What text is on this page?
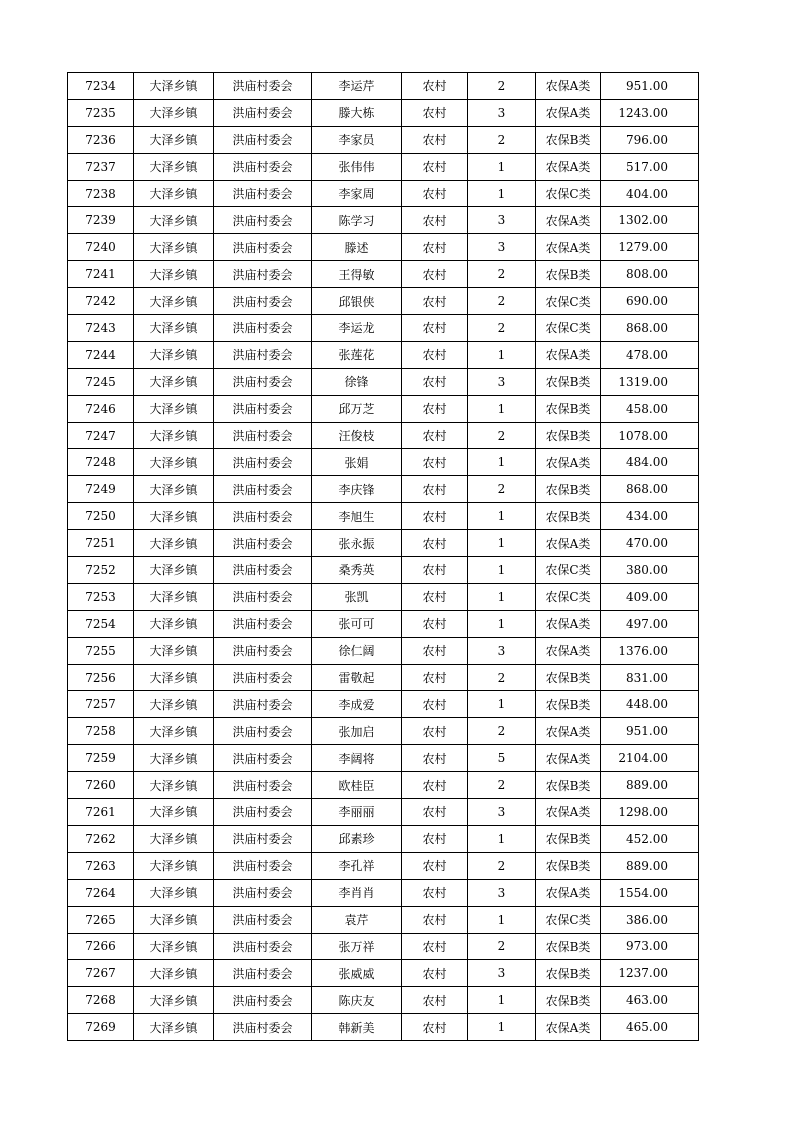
7234	大泽乡镇	洪庙村委会	李运芹	农村	2	农保A类	951.00
7235	大泽乡镇	洪庙村委会	滕大栋	农村	3	农保A类	1243.00
7236	大泽乡镇	洪庙村委会	李家员	农村	2	农保B类	796.00
7237	大泽乡镇	洪庙村委会	张伟伟	农村	1	农保A类	517.00
7238	大泽乡镇	洪庙村委会	李家周	农村	1	农保C类	404.00
7239	大泽乡镇	洪庙村委会	陈学习	农村	3	农保A类	1302.00
7240	大泽乡镇	洪庙村委会	滕述	农村	3	农保A类	1279.00
7241	大泽乡镇	洪庙村委会	王得敏	农村	2	农保B类	808.00
7242	大泽乡镇	洪庙村委会	邱银侠	农村	2	农保C类	690.00
7243	大泽乡镇	洪庙村委会	李运龙	农村	2	农保C类	868.00
7244	大泽乡镇	洪庙村委会	张莲花	农村	1	农保A类	478.00
7245	大泽乡镇	洪庙村委会	徐锋	农村	3	农保B类	1319.00
7246	大泽乡镇	洪庙村委会	邱万芝	农村	1	农保B类	458.00
7247	大泽乡镇	洪庙村委会	汪俊枝	农村	2	农保B类	1078.00
7248	大泽乡镇	洪庙村委会	张娟	农村	1	农保A类	484.00
7249	大泽乡镇	洪庙村委会	李庆锋	农村	2	农保B类	868.00
7250	大泽乡镇	洪庙村委会	李旭生	农村	1	农保B类	434.00
7251	大泽乡镇	洪庙村委会	张永振	农村	1	农保A类	470.00
7252	大泽乡镇	洪庙村委会	桑秀英	农村	1	农保C类	380.00
7253	大泽乡镇	洪庙村委会	张凯	农村	1	农保C类	409.00
7254	大泽乡镇	洪庙村委会	张可可	农村	1	农保A类	497.00
7255	大泽乡镇	洪庙村委会	徐仁阔	农村	3	农保A类	1376.00
7256	大泽乡镇	洪庙村委会	雷敬起	农村	2	农保B类	831.00
7257	大泽乡镇	洪庙村委会	李成爱	农村	1	农保B类	448.00
7258	大泽乡镇	洪庙村委会	张加启	农村	2	农保A类	951.00
7259	大泽乡镇	洪庙村委会	李阔将	农村	5	农保A类	2104.00
7260	大泽乡镇	洪庙村委会	欧桂臣	农村	2	农保B类	889.00
7261	大泽乡镇	洪庙村委会	李丽丽	农村	3	农保A类	1298.00
7262	大泽乡镇	洪庙村委会	邱素珍	农村	1	农保B类	452.00
7263	大泽乡镇	洪庙村委会	李孔祥	农村	2	农保B类	889.00
7264	大泽乡镇	洪庙村委会	李肖肖	农村	3	农保A类	1554.00
7265	大泽乡镇	洪庙村委会	袁芹	农村	1	农保C类	386.00
7266	大泽乡镇	洪庙村委会	张万祥	农村	2	农保B类	973.00
7267	大泽乡镇	洪庙村委会	张威威	农村	3	农保B类	1237.00
7268	大泽乡镇	洪庙村委会	陈庆友	农村	1	农保B类	463.00
7269	大泽乡镇	洪庙村委会	韩新美	农村	1	农保A类	465.00
